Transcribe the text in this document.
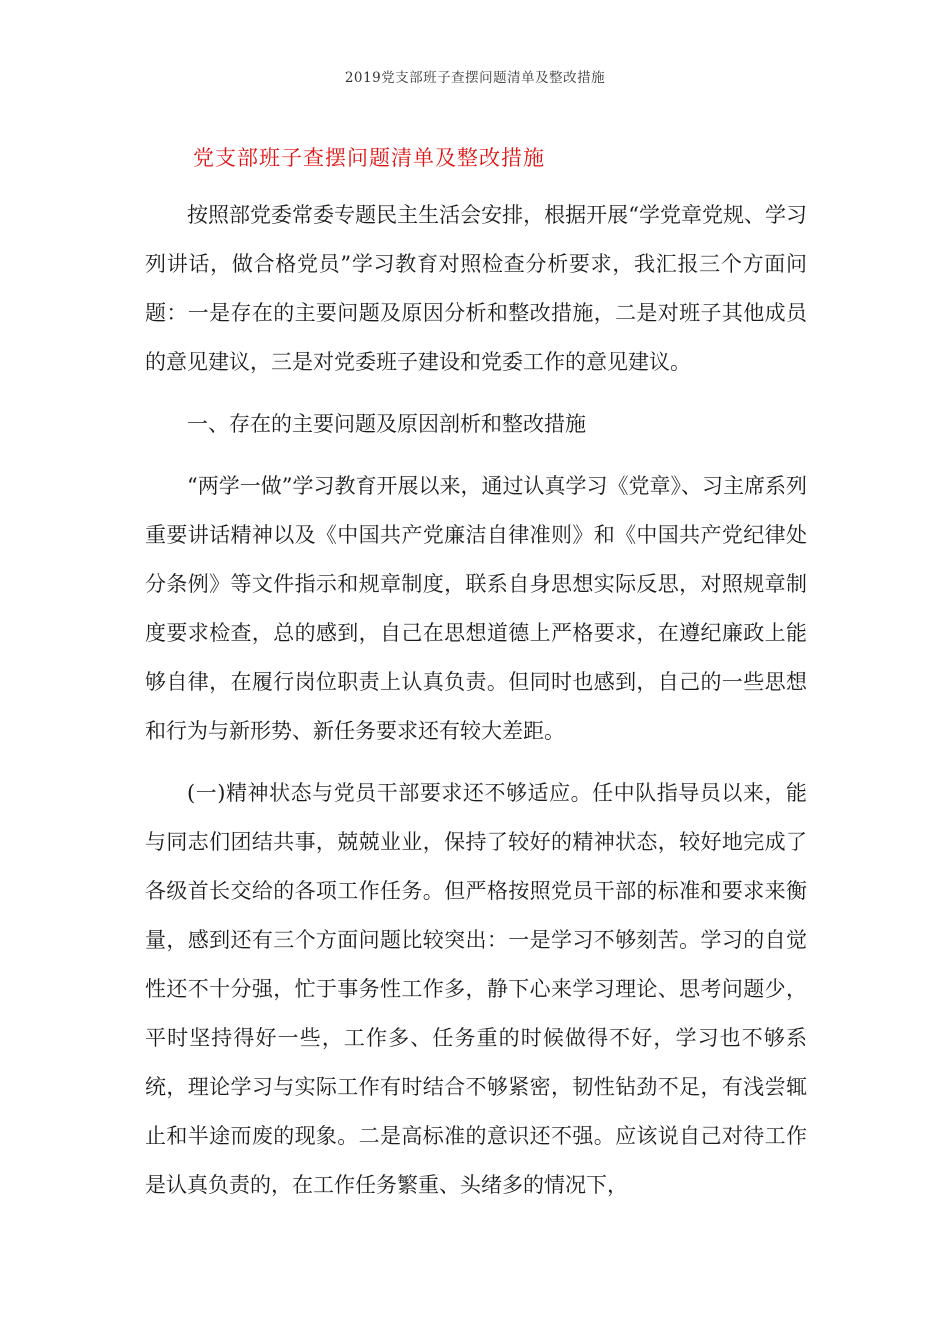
2019党支部班子查摆问题清单及整改措施
党支部班子查摆问题清单及整改措施

按照部党委常委专题民主生活会安排，根据开展“学党章党规、学习列讲话，做合格党员”学习教育对照检查分析要求，我汇报三个方面问题：一是存在的主要问题及原因分析和整改措施，二是对班子其他成员的意见建议，三是对党委班子建设和党委工作的意见建议。

一、存在的主要问题及原因剖析和整改措施

“两学一做”学习教育开展以来，通过认真学习《党章》、习主席系列重要讲话精神以及《中国共产党廉洁自律准则》和《中国共产党纪律处分条例》等文件指示和规章制度，联系自身思想实际反思，对照规章制度要求检查，总的感到，自己在思想道德上严格要求，在遵纪廉政上能够自律，在履行岗位职责上认真负责。但同时也感到，自己的一些思想和行为与新形势、新任务要求还有较大差距。

(一)精神状态与党员干部要求还不够适应。任中队指导员以来，能与同志们团结共事，兢兢业业，保持了较好的精神状态，较好地完成了各级首长交给的各项工作任务。但严格按照党员干部的标准和要求来衡量，感到还有三个方面问题比较突出：一是学习不够刻苦。学习的自觉性还不十分强，忙于事务性工作多，静下心来学习理论、思考问题少，平时坚持得好一些，工作多、任务重的时候做得不好，学习也不够系统，理论学习与实际工作有时结合不够紧密，韧性钻劲不足，有浅尝辄止和半途而废的现象。二是高标准的意识还不强。应该说自己对待工作是认真负责的，在工作任务繁重、头绪多的情况下，
